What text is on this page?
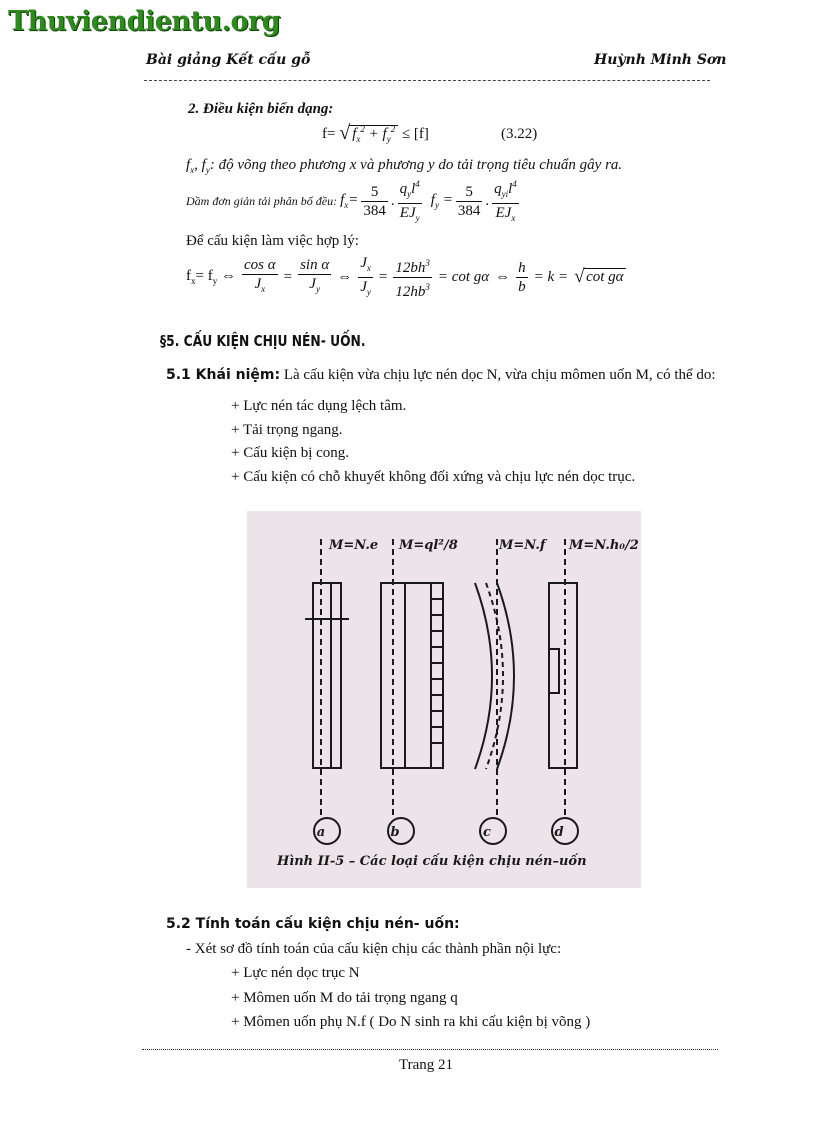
Thuviendientu.org
Bài giảng Kết cấu gỗ	Huỳnh Minh Sơn
2. Điều kiện biến dạng:
f= √ $f_x^2 + f_y^2 \le [f]$	(3.22)
$f_x$, $f_y$: độ võng theo phương x và phương y do tải trọng tiêu chuẩn gây ra.
Dầm đơn giản tải phân bố đều: $f_x= \frac{5}{384}$ . $\frac{q_yl^4}{EJ_y} f_y = \frac{5}{384}$ . $\frac{q_{yi}l^4}{EJ_x}$
Để cấu kiện làm việc hợp lý:
$f_x= f_y$ ⇔ $\frac{\text{cos α}}{J_x} = \frac{\text{sin α}}{J_y}$ ⇔ $\frac{J_x}{J_y} = \frac{12bh^3}{12hb^3} = \cot g\alpha$ ⇔ $\frac{h}{b} = k$ = √ cot gα
§5. CẤU KIỆN CHỊU NÉN- UỐN.
5.1 Khái niệm: Là cấu kiện vừa chịu lực nén dọc N, vừa chịu mômen uốn M, có thể do:
+ Lực nén tác dụng lệch tâm.
+ Tải trọng ngang.
+ Cấu kiện bị cong.
+ Cấu kiện có chỗ khuyết không đối xứng và chịu lực nén dọc trục.
M=N.e M=ql²/8	M=N.f M=N.h₀/2
a	b	c	d
Hình II-5 – Các loại cấu kiện chịu nén–uốn
5.2 Tính toán cấu kiện chịu nén- uốn:
- Xét sơ đồ tính toán của cấu kiện chịu các thành phần nội lực:
+ Lực nén dọc trục N
+ Mômen uốn M do tải trọng ngang q
+ Mômen uốn phụ N.f ( Do N sinh ra khi cấu kiện bị võng )
Trang 21
